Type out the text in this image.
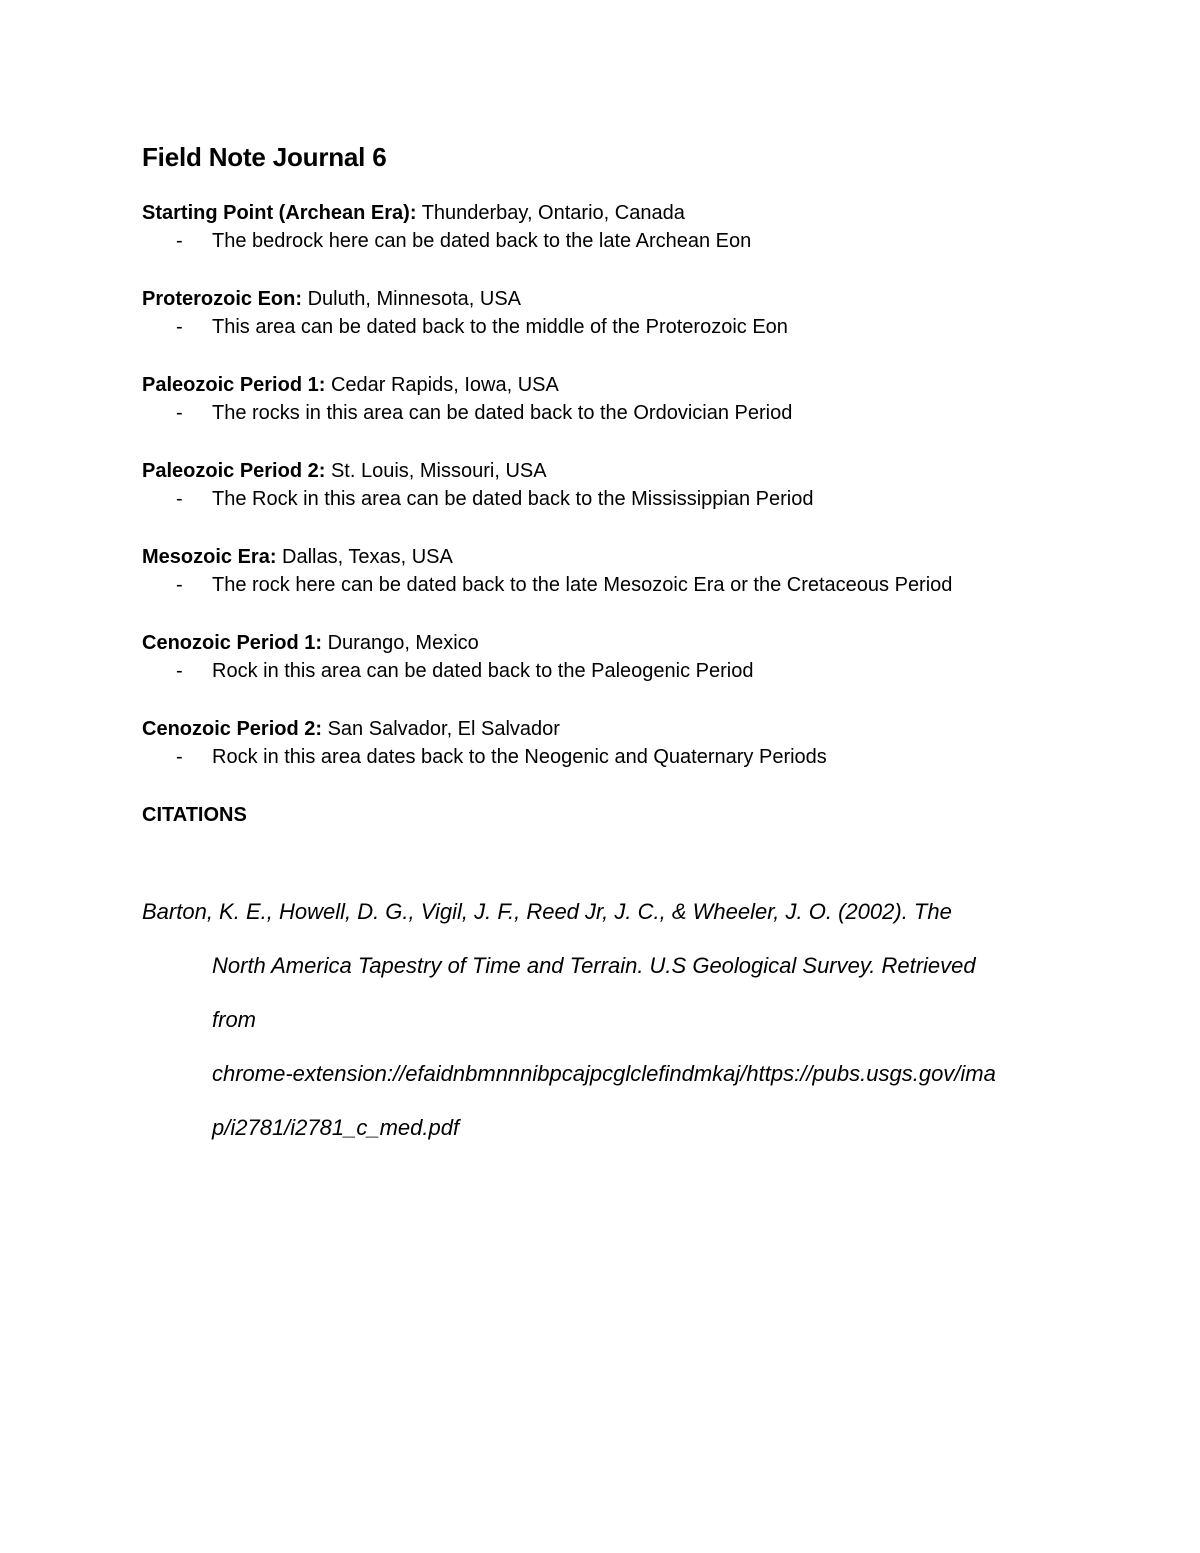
Field Note Journal 6

Starting Point (Archean Era): Thunderbay, Ontario, Canada

- The bedrock here can be dated back to the late Archean Eon

Proterozoic Eon: Duluth, Minnesota, USA

- This area can be dated back to the middle of the Proterozoic Eon

Paleozoic Period 1: Cedar Rapids, Iowa, USA

- The rocks in this area can be dated back to the Ordovician Period

Paleozoic Period 2: St. Louis, Missouri, USA

- The Rock in this area can be dated back to the Mississippian Period

Mesozoic Era: Dallas, Texas, USA

- The rock here can be dated back to the late Mesozoic Era or the Cretaceous Period

Cenozoic Period 1: Durango, Mexico

- Rock in this area can be dated back to the Paleogenic Period

Cenozoic Period 2: San Salvador, El Salvador

- Rock in this area dates back to the Neogenic and Quaternary Periods

CITATIONS

Barton, K. E., Howell, D. G., Vigil, J. F., Reed Jr, J. C., & Wheeler, J. O. (2002). The
North America Tapestry of Time and Terrain. U.S Geological Survey. Retrieved
from
chrome-extension://efaidnbmnnnibpcajpcglclefindmkaj/https://pubs.usgs.gov/ima
p/i2781/i2781_c_med.pdf
